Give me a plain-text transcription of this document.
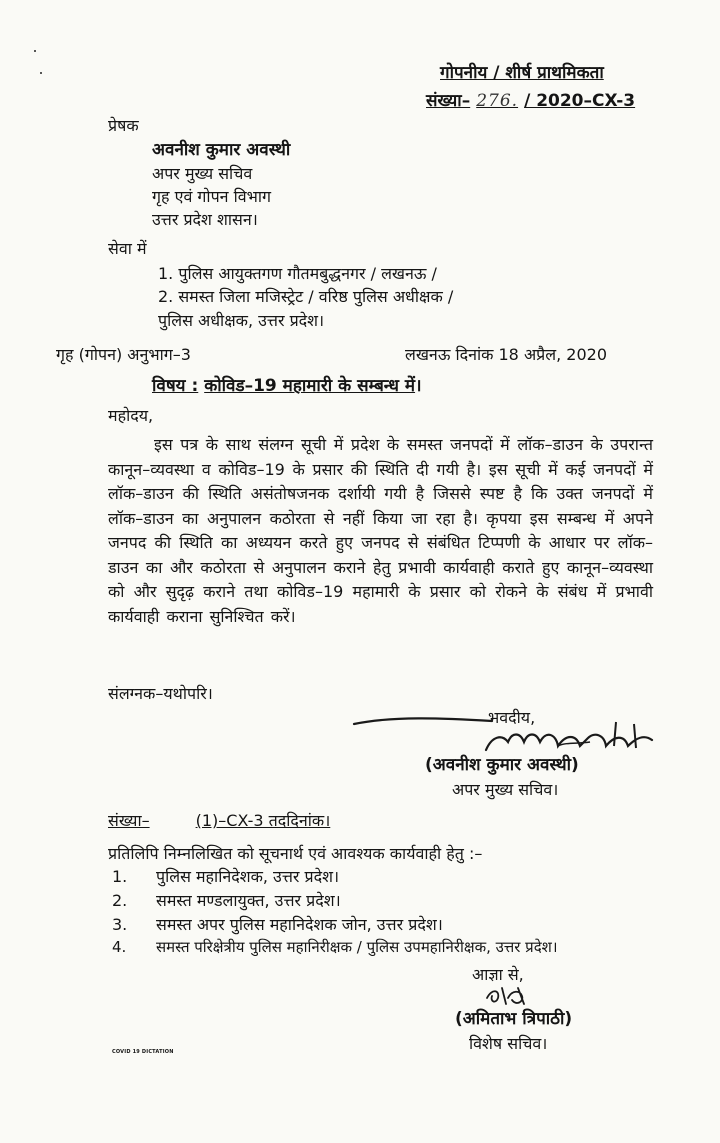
गोपनीय / शीर्ष प्राथमिकता
संख्या– 276. / 2020–CX-3
प्रेषक
अवनीश कुमार अवस्थी
अपर मुख्य सचिव
गृह एवं गोपन विभाग
उत्तर प्रदेश शासन।
सेवा में
1. पुलिस आयुक्तगण गौतमबुद्धनगर / लखनऊ /
2. समस्त जिला मजिस्ट्रेट / वरिष्ठ पुलिस अधीक्षक /
पुलिस अधीक्षक, उत्तर प्रदेश।
गृह (गोपन) अनुभाग–3	लखनऊ दिनांक 18 अप्रैल, 2020
विषय : कोविड–19 महामारी के सम्बन्ध में।
महोदय,
इस पत्र के साथ संलग्न सूची में प्रदेश के समस्त जनपदों में लॉक–डाउन के उपरान्त कानून–व्यवस्था व कोविड–19 के प्रसार की स्थिति दी गयी है। इस सूची में कई जनपदों में लॉक–डाउन की स्थिति असंतोषजनक दर्शायी गयी है जिससे स्पष्ट है कि उक्त जनपदों में लॉक–डाउन का अनुपालन कठोरता से नहीं किया जा रहा है। कृपया इस सम्बन्ध में अपने जनपद की स्थिति का अध्ययन करते हुए जनपद से संबंधित टिप्पणी के आधार पर लॉक–डाउन का और कठोरता से अनुपालन कराने हेतु प्रभावी कार्यवाही कराते हुए कानून–व्यवस्था को और सुदृढ़ कराने तथा कोविड–19 महामारी के प्रसार को रोकने के संबंध में प्रभावी कार्यवाही कराना सुनिश्चित करें।
संलग्नक–यथोपरि।
भवदीय,
(अवनीश कुमार अवस्थी)
अपर मुख्य सचिव।
संख्या–	(1)–CX-3 तददिनांक।
प्रतिलिपि निम्नलिखित को सूचनार्थ एवं आवश्यक कार्यवाही हेतु :–
1. पुलिस महानिदेशक, उत्तर प्रदेश।
2. समस्त मण्डलायुक्त, उत्तर प्रदेश।
3. समस्त अपर पुलिस महानिदेशक जोन, उत्तर प्रदेश।
4. समस्त परिक्षेत्रीय पुलिस महानिरीक्षक / पुलिस उपमहानिरीक्षक, उत्तर प्रदेश।
आज्ञा से,
(अमिताभ त्रिपाठी)
विशेष सचिव।
COVID 19 DICTATION
